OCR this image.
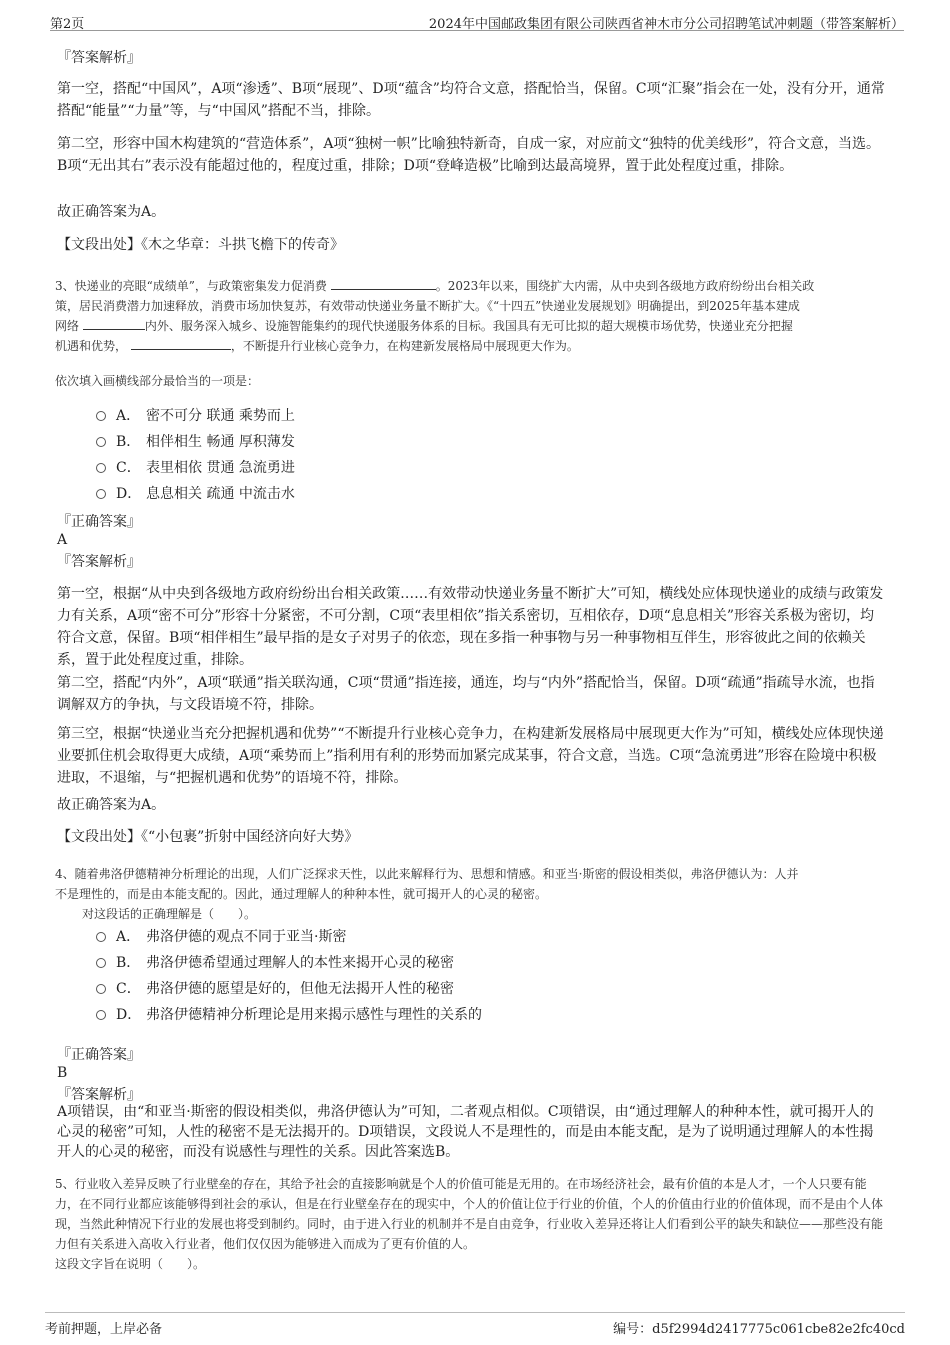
第2页	2024年中国邮政集团有限公司陕西省神木市分公司招聘笔试冲刺题（带答案解析）
『答案解析』
第一空，搭配“中国风”，A项“渗透”、B项“展现”、D项“蕴含”均符合文意，搭配恰当，保留。C项“汇聚”指会在一处，没有分开，通常搭配“能量”“力量”等，与“中国风”搭配不当，排除。
第二空，形容中国木构建筑的“营造体系”，A项“独树一帜”比喻独特新奇，自成一家，对应前文“独特的优美线形”，符合文意，当选。B项“无出其右”表示没有能超过他的，程度过重，排除；D项“登峰造极”比喻到达最高境界，置于此处程度过重，排除。
故正确答案为A。
【文段出处】《木之华章：斗拱飞檐下的传奇》
3、快递业的亮眼“成绩单”，与政策密集发力促消费	。2023年以来，围绕扩大内需，从中央到各级地方政府纷纷出台相关政
策，居民消费潜力加速释放，消费市场加快复苏，有效带动快递业务量不断扩大。《“十四五”快递业发展规划》明确提出，到2025年基本建成
网络	内外、服务深入城乡、设施智能集约的现代快递服务体系的目标。我国具有无可比拟的超大规模市场优势，快递业充分把握
机遇和优势，	，不断提升行业核心竞争力，在构建新发展格局中展现更大作为。
依次填入画横线部分最恰当的一项是：
A． 密不可分 联通 乘势而上
B． 相伴相生 畅通 厚积薄发
C． 表里相依 贯通 急流勇进
D． 息息相关 疏通 中流击水
『正确答案』
A
『答案解析』
第一空，根据“从中央到各级地方政府纷纷出台相关政策……有效带动快递业务量不断扩大”可知，横线处应体现快递业的成绩与政策发力有关系，A项“密不可分”形容十分紧密，不可分割，C项“表里相依”指关系密切，互相依存，D项“息息相关”形容关系极为密切，均符合文意，保留。B项“相伴相生”最早指的是女子对男子的依恋，现在多指一种事物与另一种事物相互伴生，形容彼此之间的依赖关系，置于此处程度过重，排除。
第二空，搭配“内外”，A项“联通”指关联沟通，C项“贯通”指连接，通连，均与“内外”搭配恰当，保留。D项“疏通”指疏导水流，也指调解双方的争执，与文段语境不符，排除。
第三空，根据“快递业当充分把握机遇和优势”“不断提升行业核心竞争力，在构建新发展格局中展现更大作为”可知，横线处应体现快递业要抓住机会取得更大成绩，A项“乘势而上”指利用有利的形势而加紧完成某事，符合文意，当选。C项“急流勇进”形容在险境中积极进取，不退缩，与“把握机遇和优势”的语境不符，排除。
故正确答案为A。
【文段出处】《“小包裹”折射中国经济向好大势》
4、随着弗洛伊德精神分析理论的出现，人们广泛探求天性，以此来解释行为、思想和情感。和亚当·斯密的假设相类似，弗洛伊德认为：人并
不是理性的，而是由本能支配的。因此，通过理解人的种种本性，就可揭开人的心灵的秘密。
对这段话的正确理解是（　　）。
A． 弗洛伊德的观点不同于亚当·斯密
B． 弗洛伊德希望通过理解人的本性来揭开心灵的秘密
C． 弗洛伊德的愿望是好的，但他无法揭开人性的秘密
D． 弗洛伊德精神分析理论是用来揭示感性与理性的关系的
『正确答案』
B
『答案解析』
A项错误，由“和亚当·斯密的假设相类似，弗洛伊德认为”可知，二者观点相似。C项错误，由“通过理解人的种种本性，就可揭开人的心灵的秘密”可知，人性的秘密不是无法揭开的。D项错误，文段说人不是理性的，而是由本能支配，是为了说明通过理解人的本性揭开人的心灵的秘密，而没有说感性与理性的关系。因此答案选B。
5、行业收入差异反映了行业壁垒的存在，其给予社会的直接影响就是个人的价值可能是无用的。在市场经济社会，最有价值的本是人才，一个人只要有能力，在不同行业都应该能够得到社会的承认，但是在行业壁垒存在的现实中，个人的价值让位于行业的价值，个人的价值由行业的价值体现，而不是由个人体现，当然此种情况下行业的发展也将受到制约。同时，由于进入行业的机制并不是自由竞争，行业收入差异还将让人们看到公平的缺失和缺位——那些没有能力但有关系进入高收入行业者，他们仅仅因为能够进入而成为了更有价值的人。
这段文字旨在说明（　　）。
考前押题，上岸必备	编号：d5f2994d2417775c061cbe82e2fc40cd
